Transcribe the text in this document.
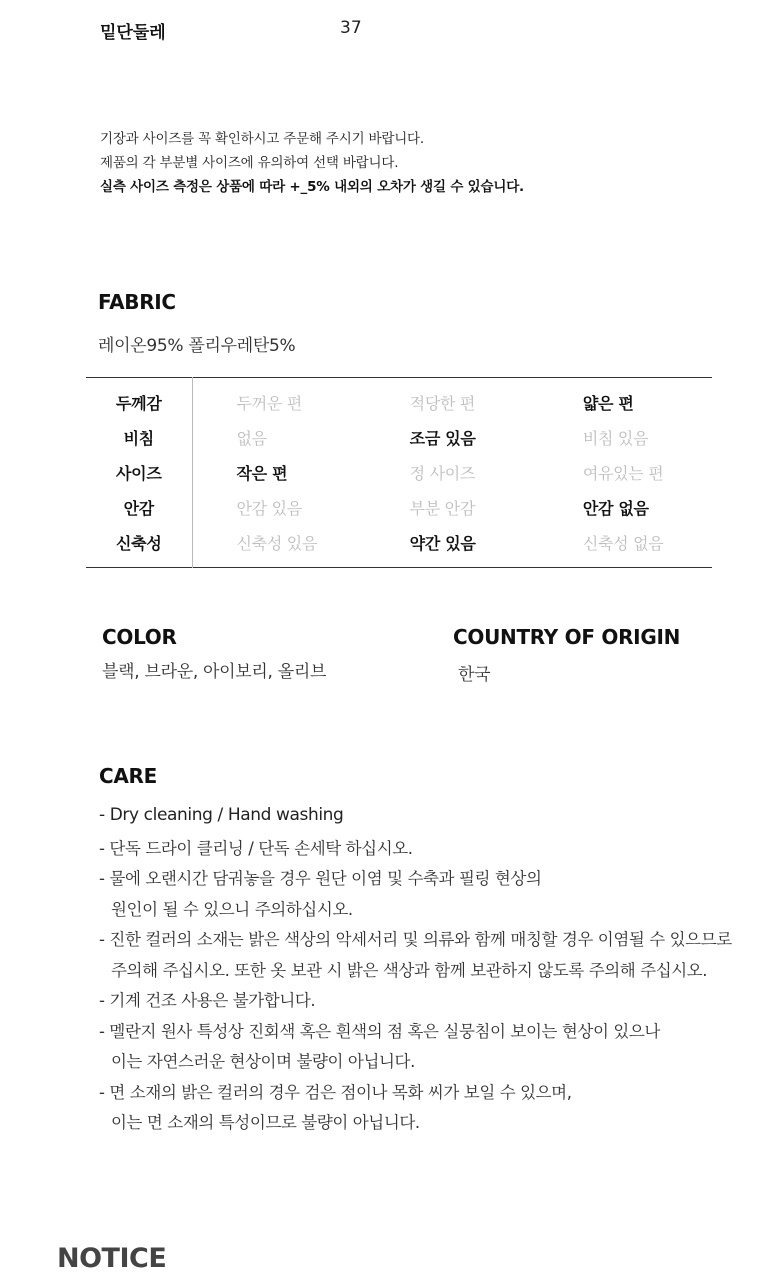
밑단둘레	37
기장과 사이즈를 꼭 확인하시고 주문해 주시기 바랍니다.
제품의 각 부분별 사이즈에 유의하여 선택 바랍니다.
실측 사이즈 측정은 상품에 따라 +_5% 내외의 오차가 생길 수 있습니다.
FABRIC
레이온95% 폴리우레탄5%
두께감	두꺼운 편	적당한 편	얇은 편
비침	없음	조금 있음	비침 있음
사이즈	작은 편	정 사이즈	여유있는 편
안감	안감 있음	부분 안감	안감 없음
신축성	신축성 있음	약간 있음	신축성 없음
COLOR
블랙, 브라운, 아이보리, 올리브
COUNTRY OF ORIGIN
한국
CARE
- Dry cleaning / Hand washing
- 단독 드라이 클리닝 / 단독 손세탁 하십시오.
- 물에 오랜시간 담궈놓을 경우 원단 이염 및 수축과 필링 현상의
원인이 될 수 있으니 주의하십시오.
- 진한 컬러의 소재는 밝은 색상의 악세서리 및 의류와 함께 매칭할 경우 이염될 수 있으므로
주의해 주십시오. 또한 옷 보관 시 밝은 색상과 함께 보관하지 않도록 주의해 주십시오.
- 기계 건조 사용은 불가합니다.
- 멜란지 원사 특성상 진회색 혹은 흰색의 점 혹은 실뭉침이 보이는 현상이 있으나
이는 자연스러운 현상이며 불량이 아닙니다.
- 면 소재의 밝은 컬러의 경우 검은 점이나 목화 씨가 보일 수 있으며,
이는 면 소재의 특성이므로 불량이 아닙니다.
NOTICE
